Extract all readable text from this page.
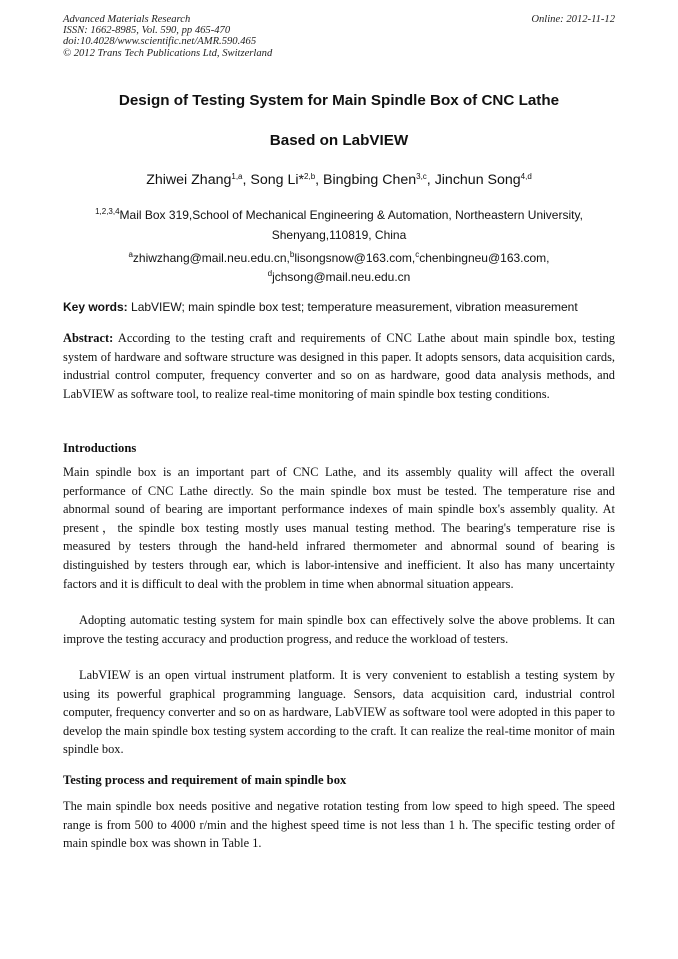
Advanced Materials Research
ISSN: 1662-8985, Vol. 590, pp 465-470
doi:10.4028/www.scientific.net/AMR.590.465
© 2012 Trans Tech Publications Ltd, Switzerland
Online: 2012-11-12
Design of Testing System for Main Spindle Box of CNC Lathe
Based on LabVIEW
Zhiwei Zhang$^{1,a}$, Song Li*$^{2,b}$, Bingbing Chen$^{3,c}$, Jinchun Song$^{4,d}$
$^{1,2,3,4}$Mail Box 319,School of Mechanical Engineering & Automation, Northeastern University,
Shenyang,110819, China
$^a$zhiwzhang@mail.neu.edu.cn,$^b$lisongsnow@163.com,$^c$chenbingneu@163.com,
$^d$jchsong@mail.neu.edu.cn
Key words: LabVIEW; main spindle box test; temperature measurement, vibration measurement

Abstract: According to the testing craft and requirements of CNC Lathe about main spindle box, testing system of hardware and software structure was designed in this paper. It adopts sensors, data acquisition cards, industrial control computer, frequency converter and so on as hardware, good data analysis methods, and LabVIEW as software tool, to realize real-time monitoring of main spindle box testing conditions.

Introductions

Main spindle box is an important part of CNC Lathe, and its assembly quality will affect the overall performance of CNC Lathe directly. So the main spindle box must be tested. The temperature rise and abnormal sound of bearing are important performance indexes of main spindle box's assembly quality. At present，the spindle box testing mostly uses manual testing method. The bearing's temperature rise is measured by testers through the hand-held infrared thermometer and abnormal sound of bearing is distinguished by testers through ear, which is labor-intensive and inefficient. It also has many uncertainty factors and it is difficult to deal with the problem in time when abnormal situation appears.

Adopting automatic testing system for main spindle box can effectively solve the above problems. It can improve the testing accuracy and production progress, and reduce the workload of testers.

LabVIEW is an open virtual instrument platform. It is very convenient to establish a testing system by using its powerful graphical programming language. Sensors, data acquisition card, industrial control computer, frequency converter and so on as hardware, LabVIEW as software tool were adopted in this paper to develop the main spindle box testing system according to the craft. It can realize the real-time monitor of main spindle box.

Testing process and requirement of main spindle box

The main spindle box needs positive and negative rotation testing from low speed to high speed. The speed range is from 500 to 4000 r/min and the highest speed time is not less than 1 h. The specific testing order of main spindle box was shown in Table 1.
